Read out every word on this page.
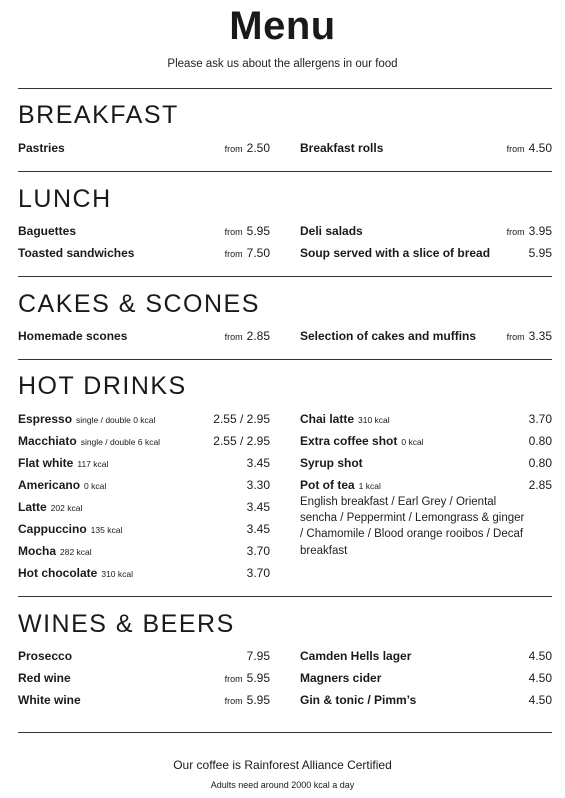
Menu
Please ask us about the allergens in our food
BREAKFAST
Pastries	from 2.50	Breakfast rolls	from 4.50
LUNCH
Baguettes	from 5.95
Toasted sandwiches	from 7.50
Deli salads	from 3.95
Soup served with a slice of bread	5.95
CAKES & SCONES
Homemade scones	from 2.85	Selection of cakes and muffins	from 3.35
HOT DRINKS
Espresso single / double 0 kcal	2.55 / 2.95
Macchiato single / double 6 kcal	2.55 / 2.95
Flat white 117 kcal	3.45
Americano 0 kcal	3.30
Latte 202 kcal	3.45
Cappuccino 135 kcal	3.45
Mocha 282 kcal	3.70
Hot chocolate 310 kcal	3.70
Chai latte 310 kcal	3.70
Extra coffee shot 0 kcal	0.80
Syrup shot	0.80
Pot of tea 1 kcal	2.85
English breakfast / Earl Grey / Oriental sencha / Peppermint / Lemongrass & ginger / Chamomile / Blood orange rooibos / Decaf breakfast
WINES & BEERS
Prosecco	7.95
Red wine	from 5.95
White wine	from 5.95
Camden Hells lager	4.50
Magners cider	4.50
Gin & tonic / Pimm’s	4.50
Our coffee is Rainforest Alliance Certified
Adults need around 2000 kcal a day
